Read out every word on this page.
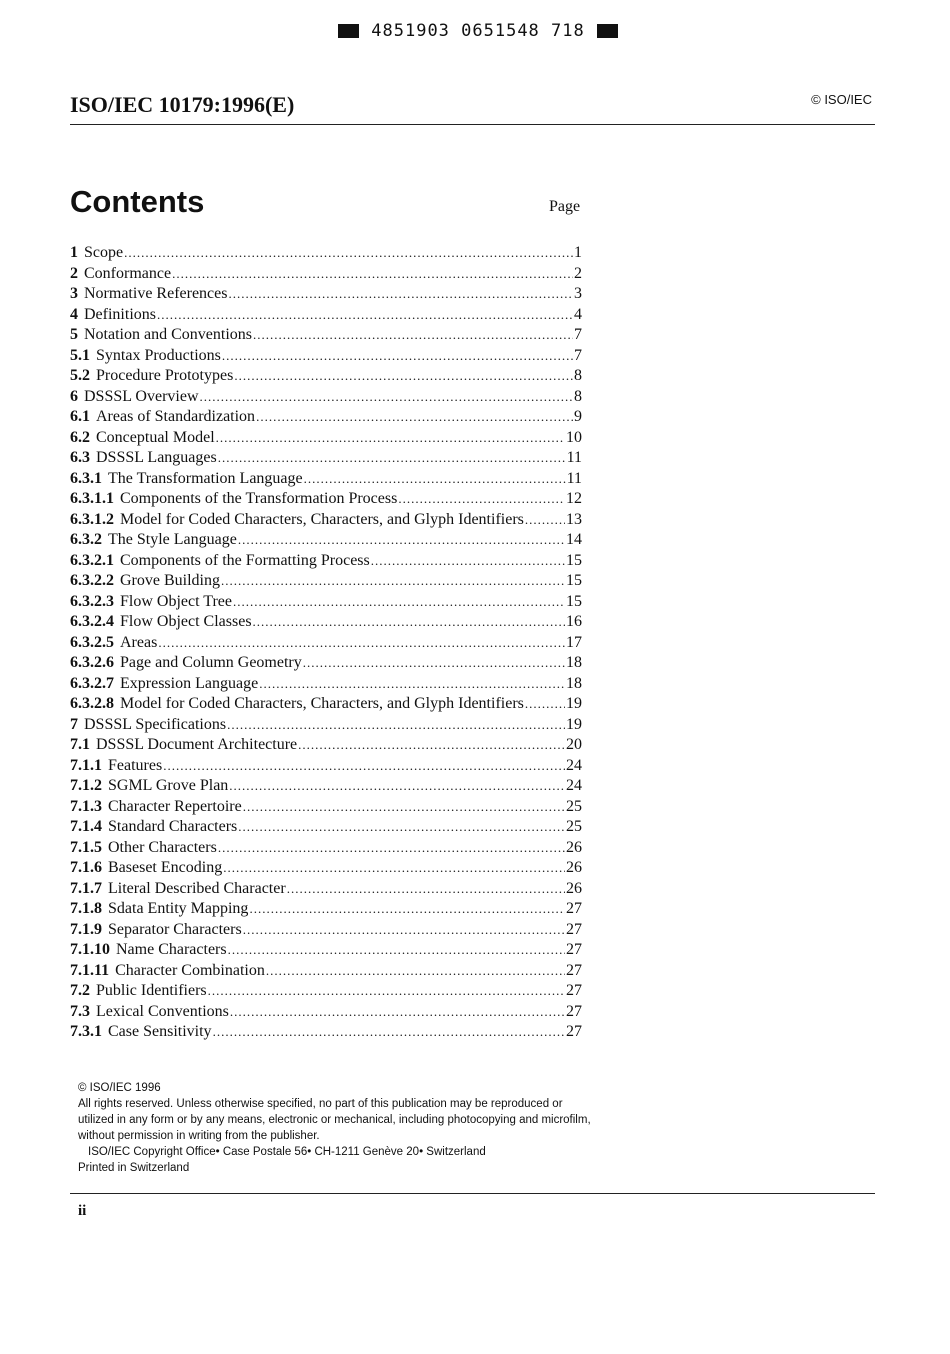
4851903 0651548 718
ISO/IEC 10179:1996(E)	© ISO/IEC
Contents	Page
1 Scope .....	1
2 Conformance .....	2
3 Normative References .....	3
4 Definitions .....	4
5 Notation and Conventions .....	7
5.1 Syntax Productions .....	7
5.2 Procedure Prototypes .....	8
6 DSSSL Overview .....	8
6.1 Areas of Standardization .....	9
6.2 Conceptual Model .....	10
6.3 DSSSL Languages .....	11
6.3.1 The Transformation Language .....	11
6.3.1.1 Components of the Transformation Process .....	12
6.3.1.2 Model for Coded Characters, Characters, and Glyph Identifiers .....	13
6.3.2 The Style Language .....	14
6.3.2.1 Components of the Formatting Process .....	15
6.3.2.2 Grove Building .....	15
6.3.2.3 Flow Object Tree .....	15
6.3.2.4 Flow Object Classes .....	16
6.3.2.5 Areas .....	17
6.3.2.6 Page and Column Geometry .....	18
6.3.2.7 Expression Language .....	18
6.3.2.8 Model for Coded Characters, Characters, and Glyph Identifiers .....	19
7 DSSSL Specifications .....	19
7.1 DSSSL Document Architecture .....	20
7.1.1 Features .....	24
7.1.2 SGML Grove Plan .....	24
7.1.3 Character Repertoire .....	25
7.1.4 Standard Characters .....	25
7.1.5 Other Characters .....	26
7.1.6 Baseset Encoding .....	26
7.1.7 Literal Described Character .....	26
7.1.8 Sdata Entity Mapping .....	27
7.1.9 Separator Characters .....	27
7.1.10 Name Characters .....	27
7.1.11 Character Combination .....	27
7.2 Public Identifiers .....	27
7.3 Lexical Conventions .....	27
7.3.1 Case Sensitivity .....	27
© ISO/IEC 1996
All rights reserved. Unless otherwise specified, no part of this publication may be reproduced or utilized in any form or by any means, electronic or mechanical, including photocopying and microfilm, without permission in writing from the publisher.
ISO/IEC Copyright Office• Case Postale 56• CH-1211 Genève 20• Switzerland
Printed in Switzerland
ii
